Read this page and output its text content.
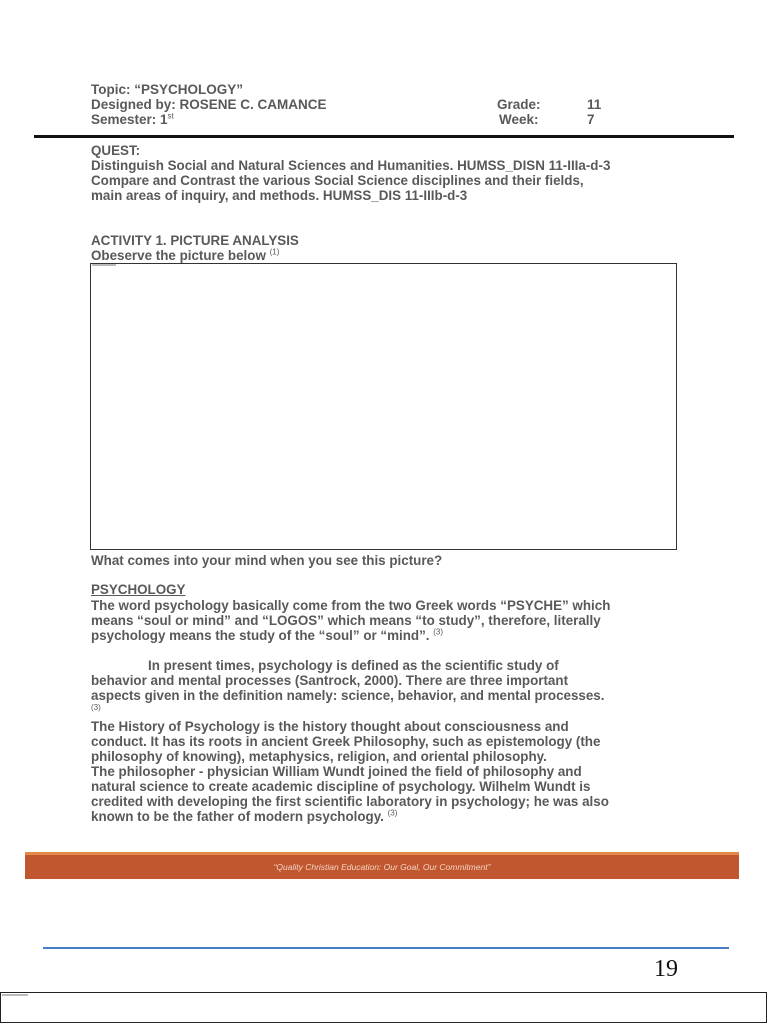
Topic: “PSYCHOLOGY”
Designed by: ROSENE C. CAMANCE
Semester: 1st
Grade:	11
Week:	7
QUEST:
Distinguish Social and Natural Sciences and Humanities. HUMSS_DISN 11-IIIa-d-3
Compare and Contrast the various Social Science disciplines and their fields,
main areas of inquiry, and methods. HUMSS_DIS 11-IIIb-d-3
ACTIVITY 1. PICTURE ANALYSIS
Obeserve the picture below $^{(1)}$
What comes into your mind when you see this picture?
PSYCHOLOGY
The word psychology basically come from the two Greek words “PSYCHE” which
means “soul or mind” and “LOGOS” which means “to study”, therefore, literally
psychology means the study of the “soul” or “mind”. $^{(3)}$
In present times, psychology is defined as the scientific study of
behavior and mental processes (Santrock, 2000). There are three important
aspects given in the definition namely: science, behavior, and mental processes.
(3)
The History of Psychology is the history thought about consciousness and
conduct. It has its roots in ancient Greek Philosophy, such as epistemology (the
philosophy of knowing), metaphysics, religion, and oriental philosophy.
The philosopher - physician William Wundt joined the field of philosophy and
natural science to create academic discipline of psychology. Wilhelm Wundt is
credited with developing the first scientific laboratory in psychology; he was also
known to be the father of modern psychology. $^{(3)}$
“Quality Christian Education: Our Goal, Our Commitment”
19
